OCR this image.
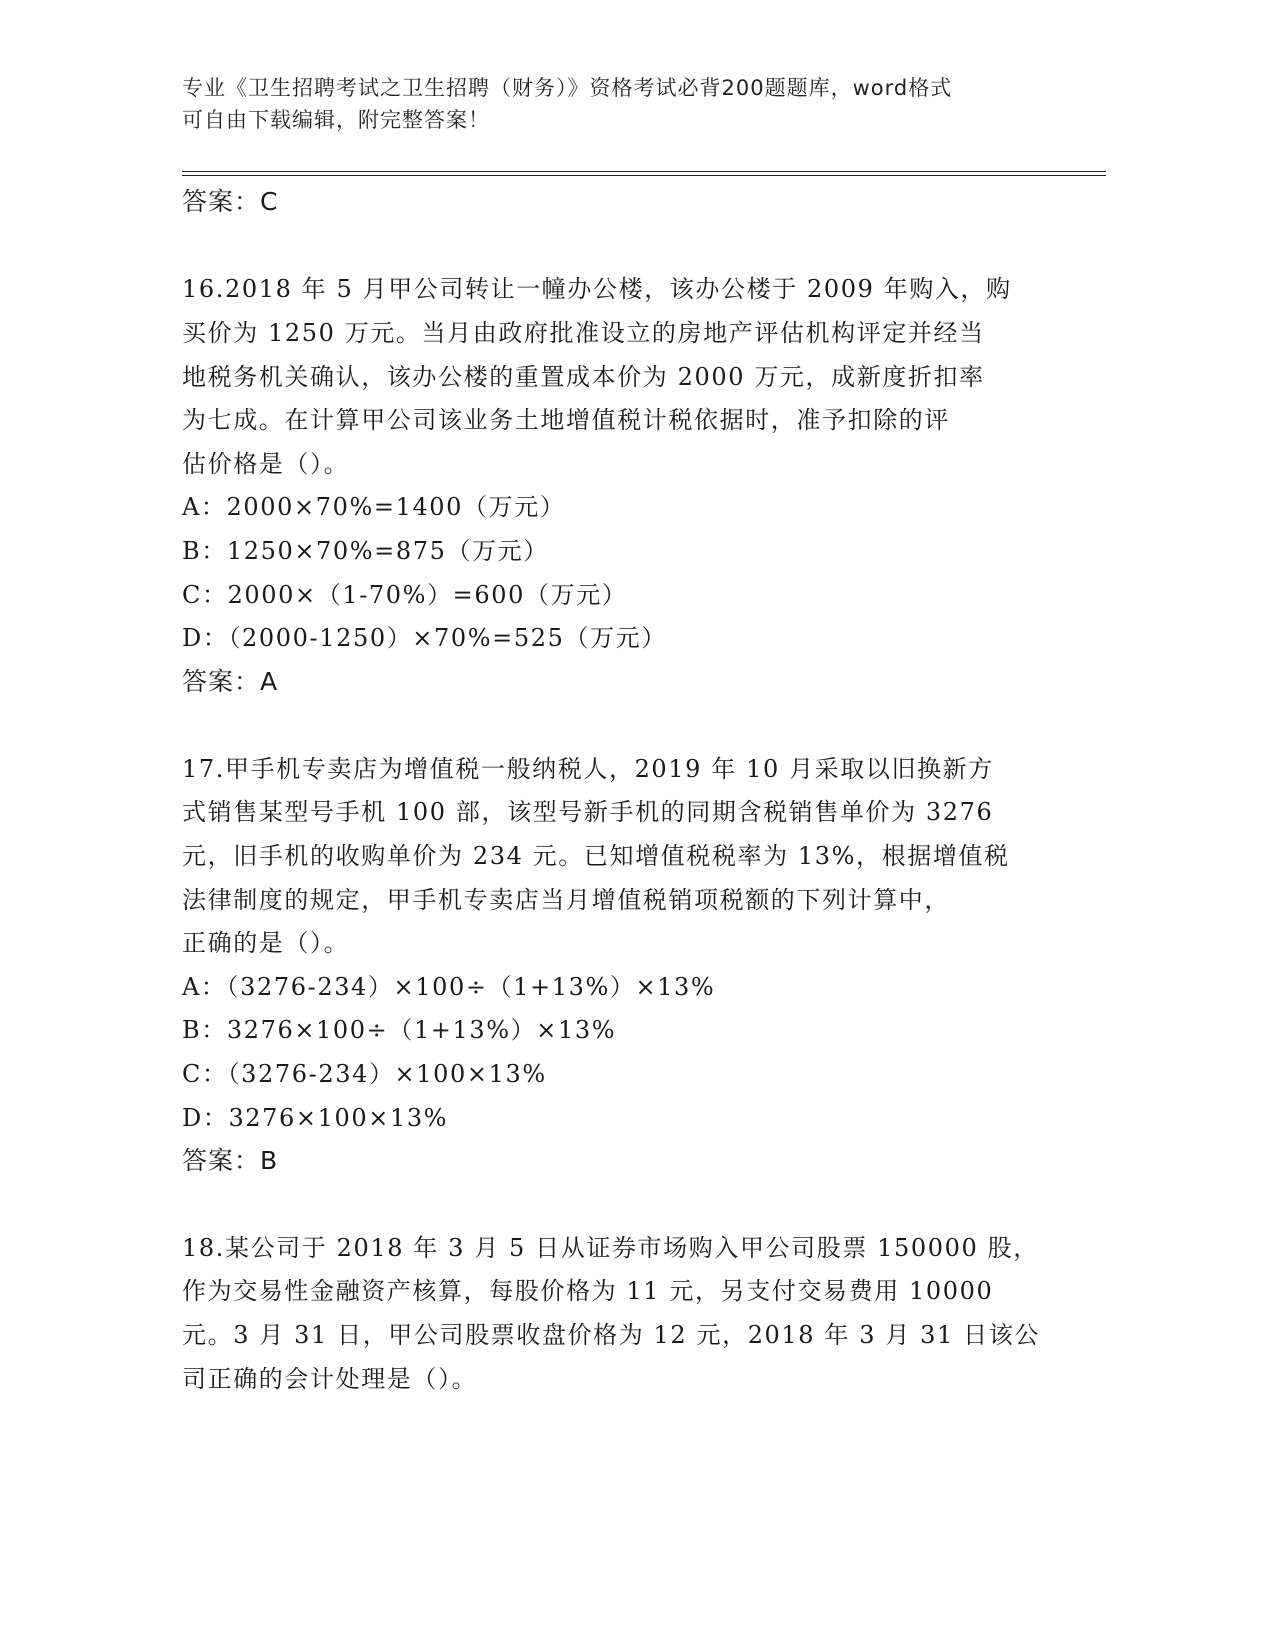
专业《卫生招聘考试之卫生招聘（财务）》资格考试必背200题题库，word格式
可自由下载编辑，附完整答案！
答案：C
16.2018 年 5 月甲公司转让一幢办公楼，该办公楼于 2009 年购入，购
买价为 1250 万元。当月由政府批准设立的房地产评估机构评定并经当
地税务机关确认，该办公楼的重置成本价为 2000 万元，成新度折扣率
为七成。在计算甲公司该业务土地增值税计税依据时，准予扣除的评
估价格是（）。
A：2000×70%=1400（万元）
B：1250×70%=875（万元）
C：2000×（1-70%）=600（万元）
D：（2000-1250）×70%=525（万元）
答案：A
17.甲手机专卖店为增值税一般纳税人，2019 年 10 月采取以旧换新方
式销售某型号手机 100 部，该型号新手机的同期含税销售单价为 3276
元，旧手机的收购单价为 234 元。已知增值税税率为 13%，根据增值税
法律制度的规定，甲手机专卖店当月增值税销项税额的下列计算中，
正确的是（）。
A：（3276-234）×100÷（1+13%）×13%
B：3276×100÷（1+13%）×13%
C：（3276-234）×100×13%
D：3276×100×13%
答案：B
18.某公司于 2018 年 3 月 5 日从证券市场购入甲公司股票 150000 股，
作为交易性金融资产核算，每股价格为 11 元，另支付交易费用 10000
元。3 月 31 日，甲公司股票收盘价格为 12 元，2018 年 3 月 31 日该公
司正确的会计处理是（）。
